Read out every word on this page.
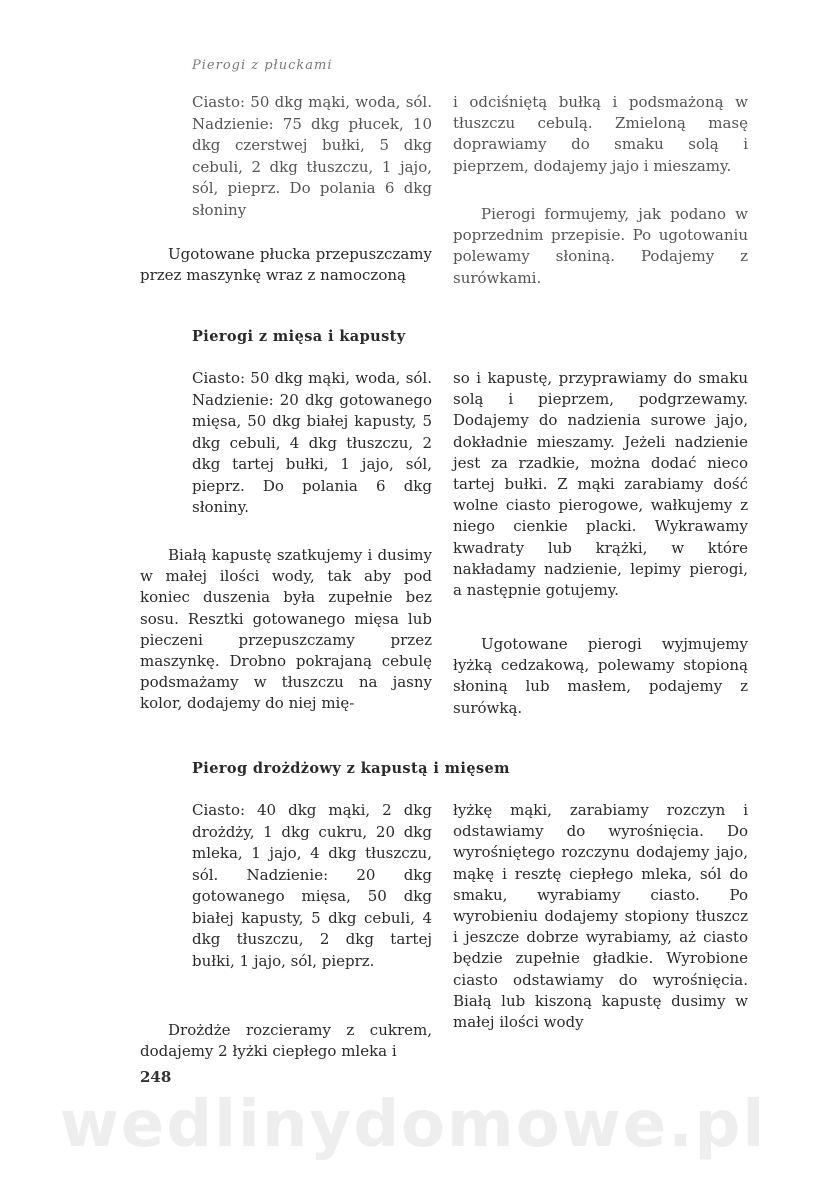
Pierogi z płuckami
Ciasto: 50 dkg mąki, woda, sól. Nadzienie: 75 dkg płucek, 10 dkg czerstwej bułki, 5 dkg cebuli, 2 dkg tłuszczu, 1 jajo, sól, pieprz. Do polania 6 dkg słoniny
Ugotowane płucka przepuszczamy przez maszynkę wraz z namoczoną
i odciśniętą bułką i podsmażoną w tłuszczu cebulą. Zmieloną masę doprawiamy do smaku solą i pieprzem, dodajemy jajo i mieszamy.
Pierogi formujemy, jak podano w poprzednim przepisie. Po ugotowaniu polewamy słoniną. Podajemy z surówkami.
Pierogi z mięsa i kapusty
Ciasto: 50 dkg mąki, woda, sól. Nadzienie: 20 dkg gotowanego mięsa, 50 dkg białej kapusty, 5 dkg cebuli, 4 dkg tłuszczu, 2 dkg tartej bułki, 1 jajo, sól, pieprz. Do polania 6 dkg słoniny.
Białą kapustę szatkujemy i dusimy w małej ilości wody, tak aby pod koniec duszenia była zupełnie bez sosu. Resztki gotowanego mięsa lub pieczeni przepuszczamy przez maszynkę. Drobno pokrajaną cebulę podsmażamy w tłuszczu na jasny kolor, dodajemy do niej mię-
so i kapustę, przyprawiamy do smaku solą i pieprzem, podgrzewamy. Dodajemy do nadzienia surowe jajo, dokładnie mieszamy. Jeżeli nadzienie jest za rzadkie, można dodać nieco tartej bułki. Z mąki zarabiamy dość wolne ciasto pierogowe, wałkujemy z niego cienkie placki. Wykrawamy kwadraty lub krążki, w które nakładamy nadzienie, lepimy pierogi, a następnie gotujemy.
Ugotowane pierogi wyjmujemy łyżką cedzakową, polewamy stopioną słoniną lub masłem, podajemy z surówką.
Pierog drożdżowy z kapustą i mięsem
Ciasto: 40 dkg mąki, 2 dkg drożdży, 1 dkg cukru, 20 dkg mleka, 1 jajo, 4 dkg tłuszczu, sól. Nadzienie: 20 dkg gotowanego mięsa, 50 dkg białej kapusty, 5 dkg cebuli, 4 dkg tłuszczu, 2 dkg tartej bułki, 1 jajo, sól, pieprz.
Drożdże rozcieramy z cukrem, dodajemy 2 łyżki ciepłego mleka i
łyżkę mąki, zarabiamy rozczyn i odstawiamy do wyrośnięcia. Do wyrośniętego rozczynu dodajemy jajo, mąkę i resztę ciepłego mleka, sól do smaku, wyrabiamy ciasto. Po wyrobieniu dodajemy stopiony tłuszcz i jeszcze dobrze wyrabiamy, aż ciasto będzie zupełnie gładkie. Wyrobione ciasto odstawiamy do wyrośnięcia. Białą lub kiszoną kapustę dusimy w małej ilości wody
248
wedlinydomowe.pl
